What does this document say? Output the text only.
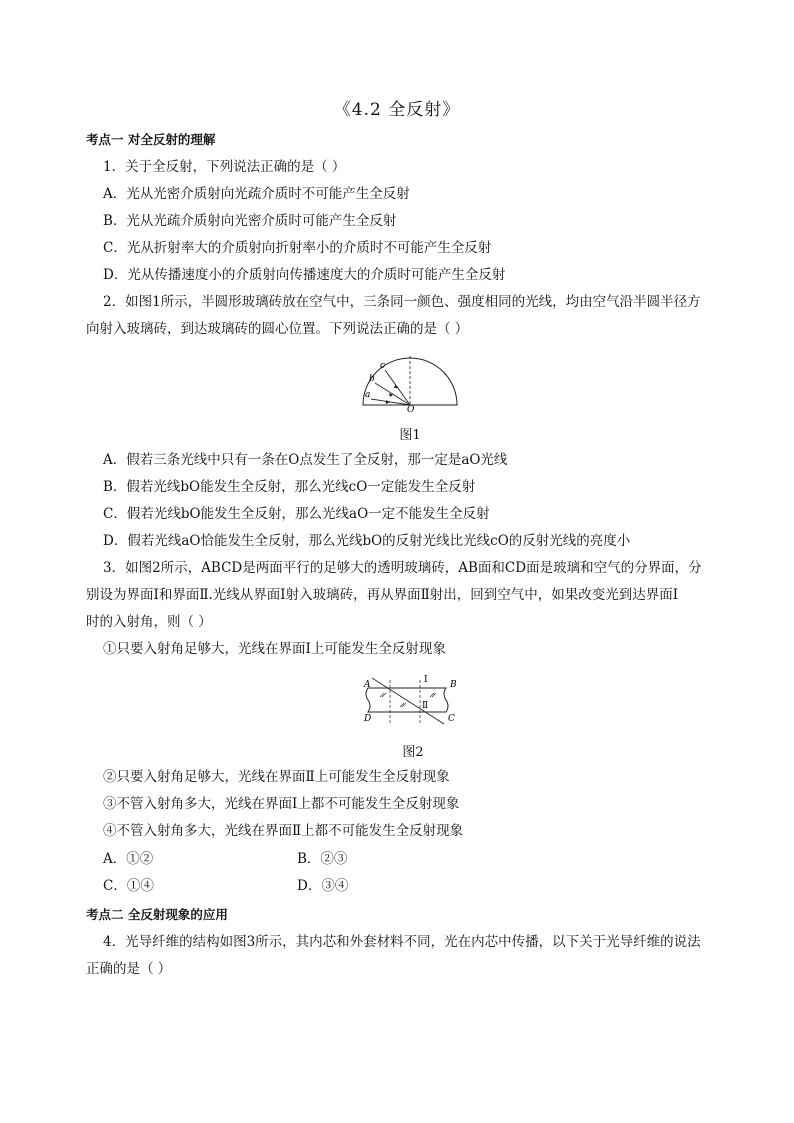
《4.2 全反射》
考点一 对全反射的理解
1．关于全反射，下列说法正确的是（ ）
A．光从光密介质射向光疏介质时不可能产生全反射
B．光从光疏介质射向光密介质时可能产生全反射
C．光从折射率大的介质射向折射率小的介质时不可能产生全反射
D．光从传播速度小的介质射向传播速度大的介质时可能产生全反射
2．如图1所示，半圆形玻璃砖放在空气中，三条同一颜色、强度相同的光线，均由空气沿半圆半径方
向射入玻璃砖，到达玻璃砖的圆心位置。下列说法正确的是（ ）
a
b
c
O
图1
A．假若三条光线中只有一条在O点发生了全反射，那一定是aO光线
B．假若光线bO能发生全反射，那么光线cO一定能发生全反射
C．假若光线bO能发生全反射，那么光线aO一定不能发生全反射
D．假若光线aO恰能发生全反射，那么光线bO的反射光线比光线cO的反射光线的亮度小
3．如图2所示，ABCD是两面平行的足够大的透明玻璃砖，AB面和CD面是玻璃和空气的分界面，分
别设为界面Ⅰ和界面Ⅱ.光线从界面Ⅰ射入玻璃砖，再从界面Ⅱ射出，回到空气中，如果改变光到达界面Ⅰ
时的入射角，则（ ）
①只要入射角足够大，光线在界面Ⅰ上可能发生全反射现象
A	B
C
D
Ⅰ
Ⅱ
图2
②只要入射角足够大，光线在界面Ⅱ上可能发生全反射现象
③不管入射角多大，光线在界面Ⅰ上都不可能发生全反射现象
④不管入射角多大，光线在界面Ⅱ上都不可能发生全反射现象
A．①②	B．②③
C．①④	D．③④
考点二 全反射现象的应用
4．光导纤维的结构如图3所示，其内芯和外套材料不同，光在内芯中传播，以下关于光导纤维的说法
正确的是（ ）
